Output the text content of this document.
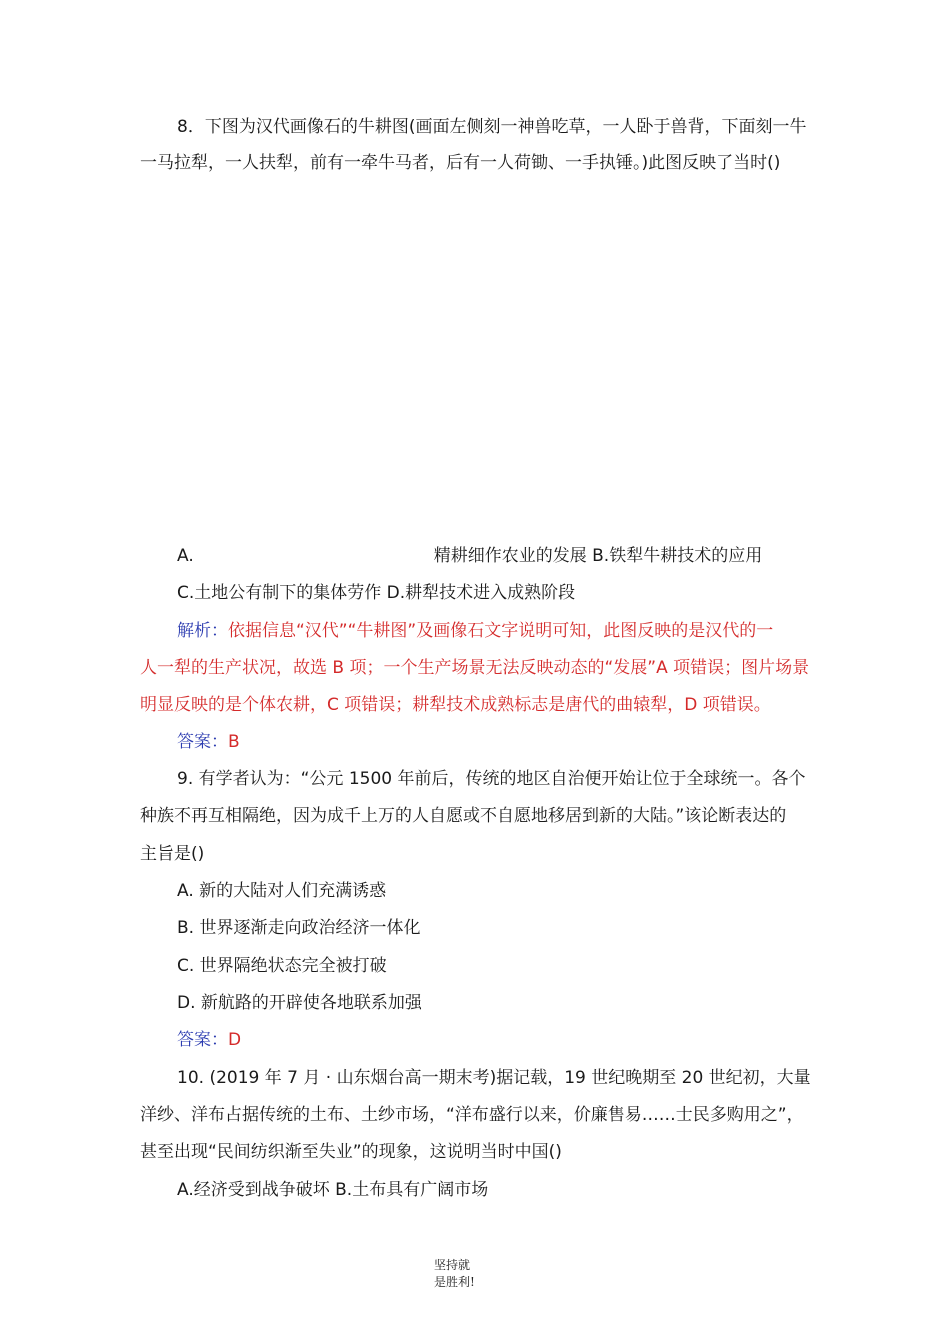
8．下图为汉代画像石的牛耕图(画面左侧刻一神兽吃草，一人卧于兽背，下面刻一牛
一马拉犁，一人扶犁，前有一牵牛马者，后有一人荷锄、一手执锤。)此图反映了当时()
A.	精耕细作农业的发展 B.铁犁牛耕技术的应用
C.土地公有制下的集体劳作 D.耕犁技术进入成熟阶段
解析：依据信息“汉代”“牛耕图”及画像石文字说明可知，此图反映的是汉代的一
人一犁的生产状况，故选 B 项；一个生产场景无法反映动态的“发展”A 项错误；图片场景
明显反映的是个体农耕，C 项错误；耕犁技术成熟标志是唐代的曲辕犁，D 项错误。
答案：B
9. 有学者认为：“公元 1500 年前后，传统的地区自治便开始让位于全球统一。各个
种族不再互相隔绝，因为成千上万的人自愿或不自愿地移居到新的大陆。”该论断表达的
主旨是()
A. 新的大陆对人们充满诱惑
B. 世界逐渐走向政治经济一体化
C. 世界隔绝状态完全被打破
D. 新航路的开辟使各地联系加强
答案：D
10. (2019 年 7 月 · 山东烟台高一期末考)据记载，19 世纪晚期至 20 世纪初，大量
洋纱、洋布占据传统的土布、土纱市场，“洋布盛行以来，价廉售易……士民多购用之”，
甚至出现“民间纺织渐至失业”的现象，这说明当时中国()
A.经济受到战争破坏 B.土布具有广阔市场
坚持就
是胜利!
